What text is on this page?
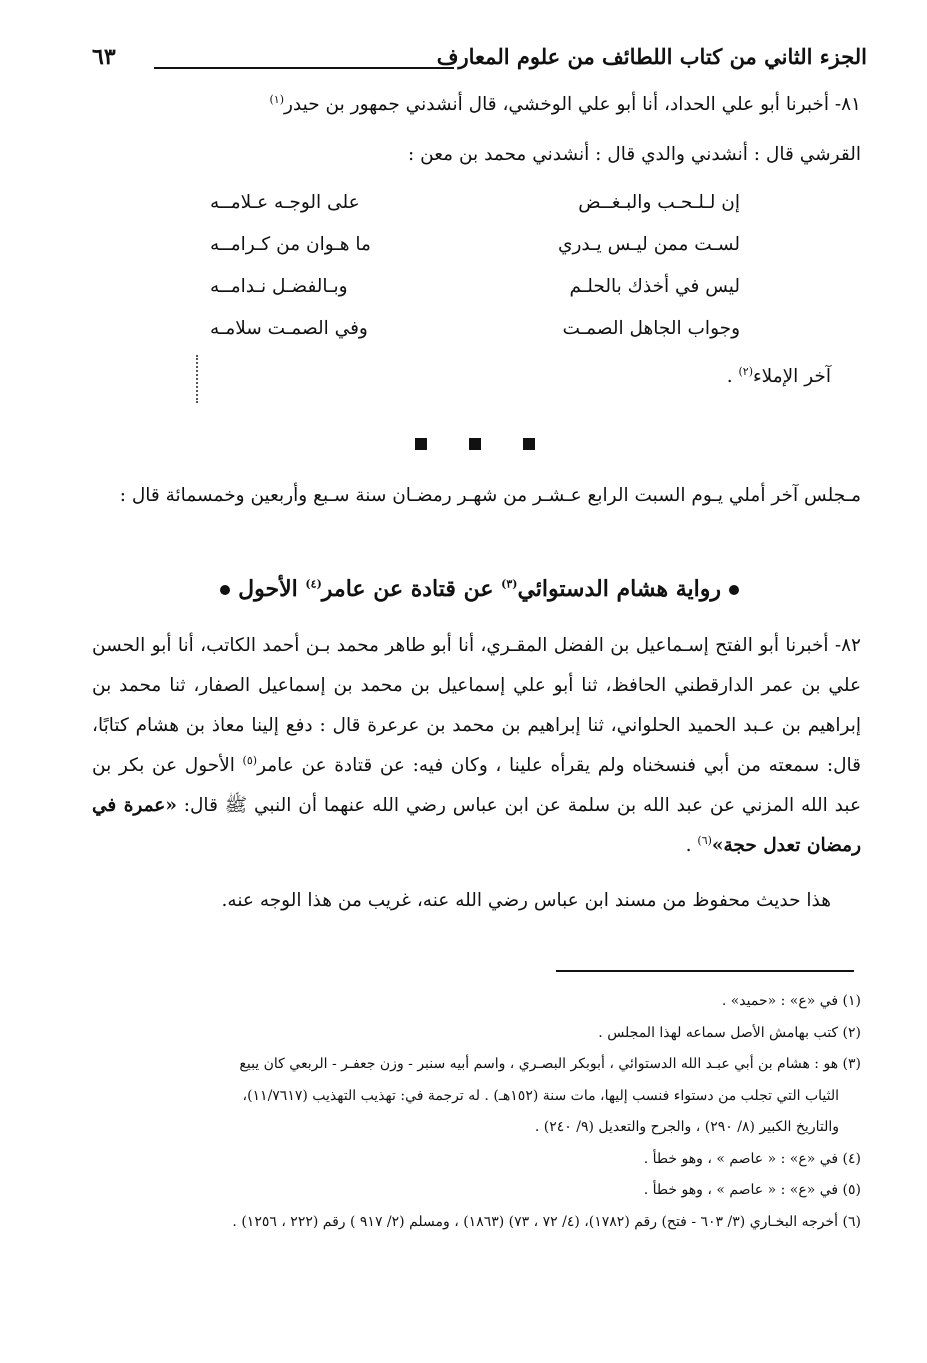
الجزء الثاني من كتاب اللطائف من علوم المعارف
٦٣
٨١- أخبرنا أبو علي الحداد، أنا أبو علي الوخشي، قال أنشدني جمهور بن حيدر$^{(١)}$
القرشي قال : أنشدني والدي قال : أنشدني محمد بن معن :
إن لـلـحـب والبـغــض
على الوجـه عـلامــه
لسـت ممن ليـس يـدري
ما هـوان من كـرامــه
ليس في أخذك بالحلـم
وبـالفضـل نـدامــه
وجواب الجاهل الصمـت
وفي الصمـت سلامـه
آخر الإملاء$^{(٢)}$ .
مـجلس آخر أملي يـوم السبت الرابع عـشـر من شهـر رمضـان سنة سـبع وأربعين وخمسمائة قال :
رواية هشام الدستوائي$^{(٣)}$ عن قتادة عن عامر$^{(٤)}$ الأحول
٨٢- أخبرنا أبو الفتح إسـماعيل بن الفضل المقـري، أنا أبو طاهر محمد بـن أحمد الكاتب، أنا أبو الحسن علي بن عمر الدارقطني الحافظ، ثنا أبو علي إسماعيل بن محمد بن إسماعيل الصفار، ثنا محمد بن إبراهيم بن عـبد الحميد الحلواني، ثنا إبراهيم بن محمد بن عرعرة قال : دفع إلينا معاذ بن هشام كتابًا، قال: سمعته من أبي فنسخناه ولم يقرأه علينا ، وكان فيه: عن قتادة عن عامر$^{(٥)}$ الأحول عن بكر بن عبد الله المزني عن عبد الله بن سلمة عن ابن عباس رضي الله عنهما أن النبي ﷺ قال: «عمرة في رمضان تعدل حجة»$^{(٦)}$ .
هذا حديث محفوظ من مسند ابن عباس رضي الله عنه، غريب من هذا الوجه عنه.
(١) في «ع» : «حميد» .
(٢) كتب بهامش الأصل سماعه لهذا المجلس .
(٣) هو : هشام بن أبي عبـد الله الدستوائي ، أبوبكر البصـري ، واسم أبيه سنبر - وزن جعفـر - الربعي كان يبيع
الثياب التي تجلب من دستواء فنسب إليها، مات سنة (١٥٢هـ) . له ترجمة في: تهذيب التهذيب (١١/٧٦١٧)،
والتاريخ الكبير (٨/ ٢٩٠) ، والجرح والتعديل (٩/ ٢٤٠) .
(٤) في «ع» : « عاصم » ، وهو خطأ .
(٥) في «ع» : « عاصم » ، وهو خطأ .
(٦) أخرجه البخـاري (٣/ ٦٠٣ - فتح) رقم (١٧٨٢)، (٤/ ٧٢ ، ٧٣) (١٨٦٣) ، ومسلم (٢/ ٩١٧ ) رقم (٢٢٢ ، ١٢٥٦) .
